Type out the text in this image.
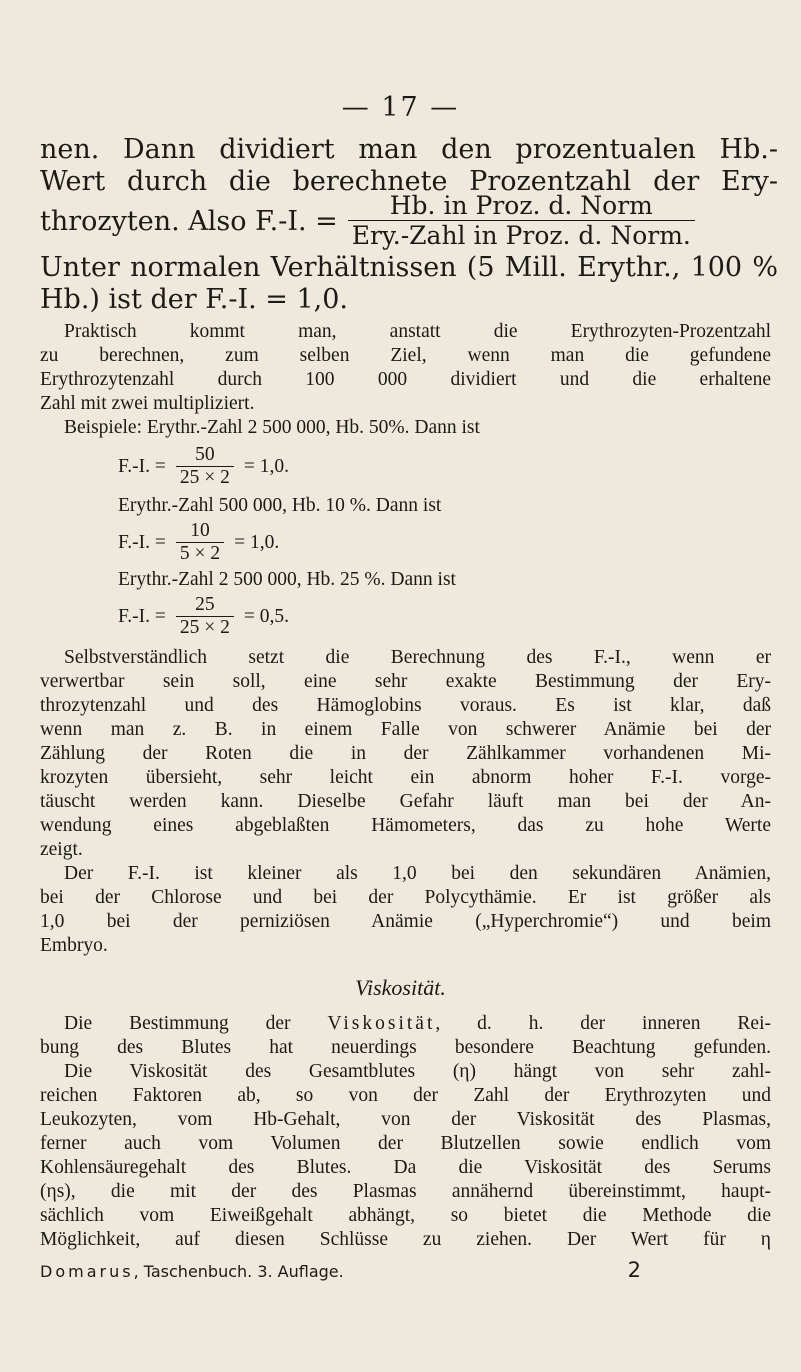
— 17 —
nen. Dann dividiert man den prozentualen Hb.-
Wert durch die berechnete Prozentzahl der Ery-
throzyten. Also F.-I. = $\frac{\text{Hb. in Proz. d. Norm}}{\text{Ery.-Zahl in Proz. d. Norm.}}$
Unter normalen Verhältnissen (5 Mill. Erythr., 100 %
Hb.) ist der F.-I. = 1,0.
Praktisch kommt man, anstatt die Erythrozyten-Prozentzahl
zu berechnen, zum selben Ziel, wenn man die gefundene
Erythrozytenzahl durch 100 000 dividiert und die erhaltene
Zahl mit zwei multipliziert.
Beispiele: Erythr.-Zahl 2 500 000, Hb. 50%. Dann ist
F.-I. = $\frac{50}{25 \times 2} = 1,0$.
Erythr.-Zahl 500 000, Hb. 10 %. Dann ist
F.-I. = $\frac{10}{5 \times 2} = 1,0$.
Erythr.-Zahl 2 500 000, Hb. 25 %. Dann ist
F.-I. = $\frac{25}{25 \times 2} = 0,5$.
Selbstverständlich setzt die Berechnung des F.-I., wenn er
verwertbar sein soll, eine sehr exakte Bestimmung der Ery-
throzytenzahl und des Hämoglobins voraus. Es ist klar, daß
wenn man z. B. in einem Falle von schwerer Anämie bei der
Zählung der Roten die in der Zählkammer vorhandenen Mi-
krozyten übersieht, sehr leicht ein abnorm hoher F.-I. vorge-
täuscht werden kann. Dieselbe Gefahr läuft man bei der An-
wendung eines abgeblaßten Hämometers, das zu hohe Werte
zeigt.
Der F.-I. ist kleiner als 1,0 bei den sekundären Anämien,
bei der Chlorose und bei der Polycythämie. Er ist größer als
1,0 bei der perniziösen Anämie („Hyperchromie“) und beim
Embryo.
Viskosität.
Die Bestimmung der Viskosität, d. h. der inneren Rei-
bung des Blutes hat neuerdings besondere Beachtung gefunden.
Die Viskosität des Gesamtblutes (η) hängt von sehr zahl-
reichen Faktoren ab, so von der Zahl der Erythrozyten und
Leukozyten, vom Hb-Gehalt, von der Viskosität des Plasmas,
ferner auch vom Volumen der Blutzellen sowie endlich vom
Kohlensäuregehalt des Blutes. Da die Viskosität des Serums
(ηs), die mit der des Plasmas annähernd übereinstimmt, haupt-
sächlich vom Eiweißgehalt abhängt, so bietet die Methode die
Möglichkeit, auf diesen Schlüsse zu ziehen. Der Wert für η
Domarus, Taschenbuch. 3. Auflage.	2
